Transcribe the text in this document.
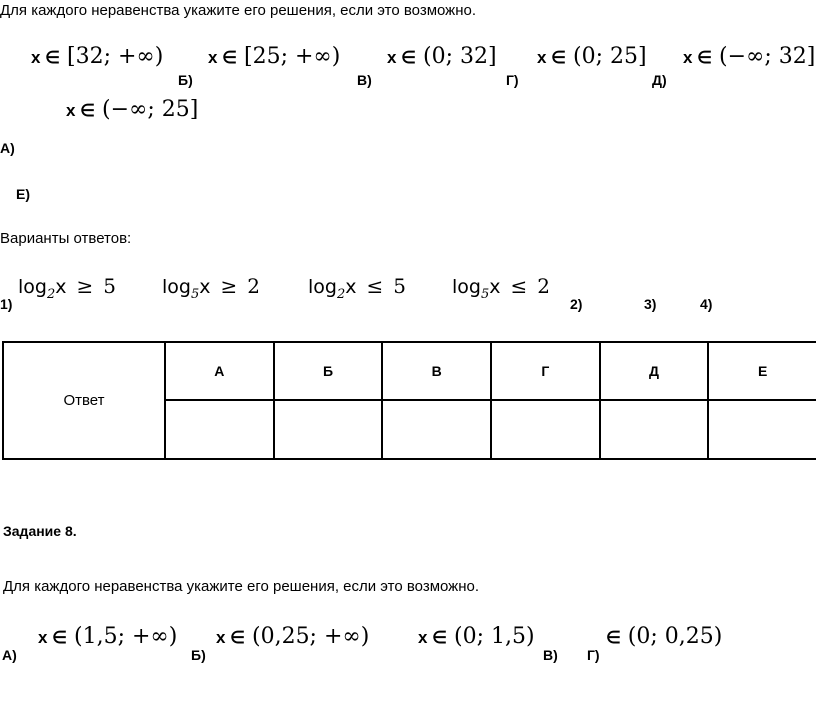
Для каждого неравенства укажите его решения, если это возможно.
x ∈ [32; +∞)	x ∈ [25; +∞)	x ∈ (0; 32] x ∈ (0; 25] x ∈ (−∞; 32]
Б)	В)	Г)	Д)
x ∈ (−∞; 25]
А)
Е)
Варианты ответов:
$\log_2x \ge 5$ $\log_5x \ge 2$	$\log_2x \le 5$ $\log_5x \le 2$
1)	2)	3)	4)
Ответ	А	Б	В	Г	Д	Е

Задание 8.
Для каждого неравенства укажите его решения, если это возможно.
x ∈ (1,5; +∞) x ∈ (0,25; +∞)	x ∈ (0; 1,5)	∈ (0; 0,25)
А)	Б)	В) Г)
